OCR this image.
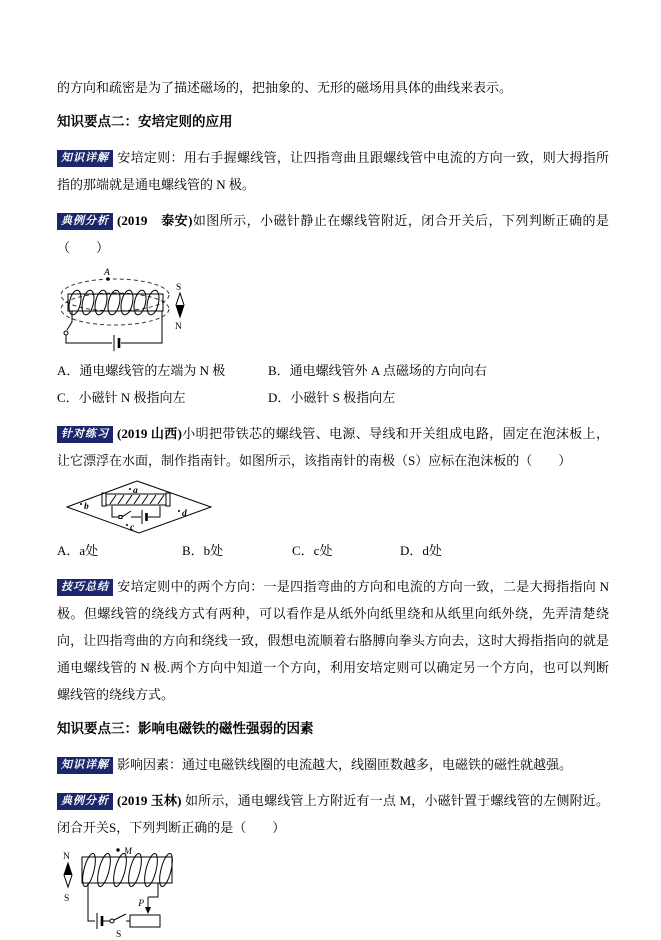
的方向和疏密是为了描述磁场的，把抽象的、无形的磁场用具体的曲线来表示。

知识要点二：安培定则的应用

知识详解 安培定则：用右手握螺线管，让四指弯曲且跟螺线管中电流的方向一致，则大拇指所指的那端就是通电螺线管的 N 极。

典例分析 (2019　泰安)如图所示，小磁针静止在螺线管附近，闭合开关后，下列判断正确的是（　　）

A
S
N
A．通电螺线管的左端为 N 极	B．通电螺线管外 A 点磁场的方向向右
C．小磁针 N 极指向左	D．小磁针 S 极指向左

针对练习 (2019 山西)小明把带铁芯的螺线管、电源、导线和开关组成电路，固定在泡沫板上，让它漂浮在水面，制作指南针。如图所示，该指南针的南极（S）应标在泡沫板的（　　）

a
b
c
d
A．a处	B．b处	C．c处	D．d处

技巧总结 安培定则中的两个方向：一是四指弯曲的方向和电流的方向一致，二是大拇指指向 N 极。但螺线管的绕线方式有两种，可以看作是从纸外向纸里绕和从纸里向纸外绕，先弄清楚绕向，让四指弯曲的方向和绕线一致，假想电流顺着右胳膊向拳头方向去，这时大拇指指向的就是通电螺线管的 N 极.两个方向中知道一个方向，利用安培定则可以确定另一个方向，也可以判断螺线管的绕线方式。

知识要点三：影响电磁铁的磁性强弱的因素

知识详解 影响因素：通过电磁铁线圈的电流越大，线圈匝数越多，电磁铁的磁性就越强。

典例分析 (2019 玉林) 如所示，通电螺线管上方附近有一点 M，小磁针置于螺线管的左侧附近。闭合开关S，下列判断正确的是（　　）

N
S
M
S
P
